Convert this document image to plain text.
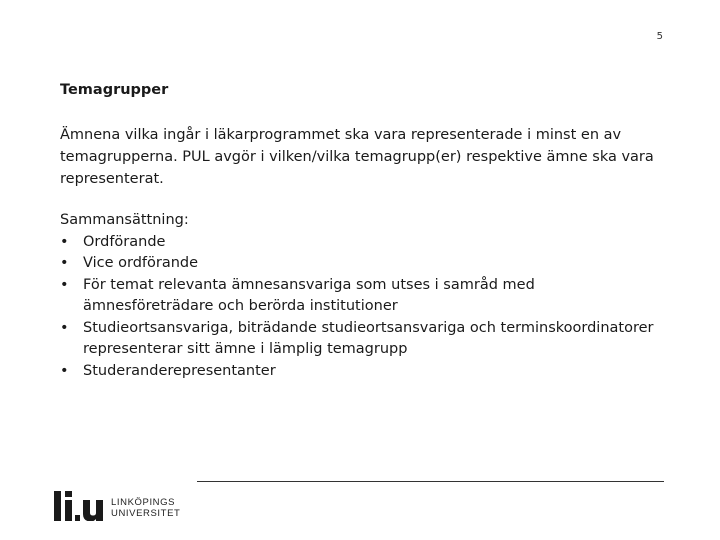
5
Temagrupper

Ämnena vilka ingår i läkarprogrammet ska vara representerade i minst en av temagrupperna. PUL avgör i vilken/vilka temagrupp(er) respektive ämne ska vara representerat.

Sammansättning:

• Ordförande
• Vice ordförande
• För temat relevanta ämnesansvariga som utses i samråd med ämnesföreträdare och berörda institutioner
• Studieortsansvariga, biträdande studieortsansvariga och terminskoordinatorer representerar sitt ämne i lämplig temagrupp
• Studeranderepresentanter
LINKÖPINGS
UNIVERSITET
